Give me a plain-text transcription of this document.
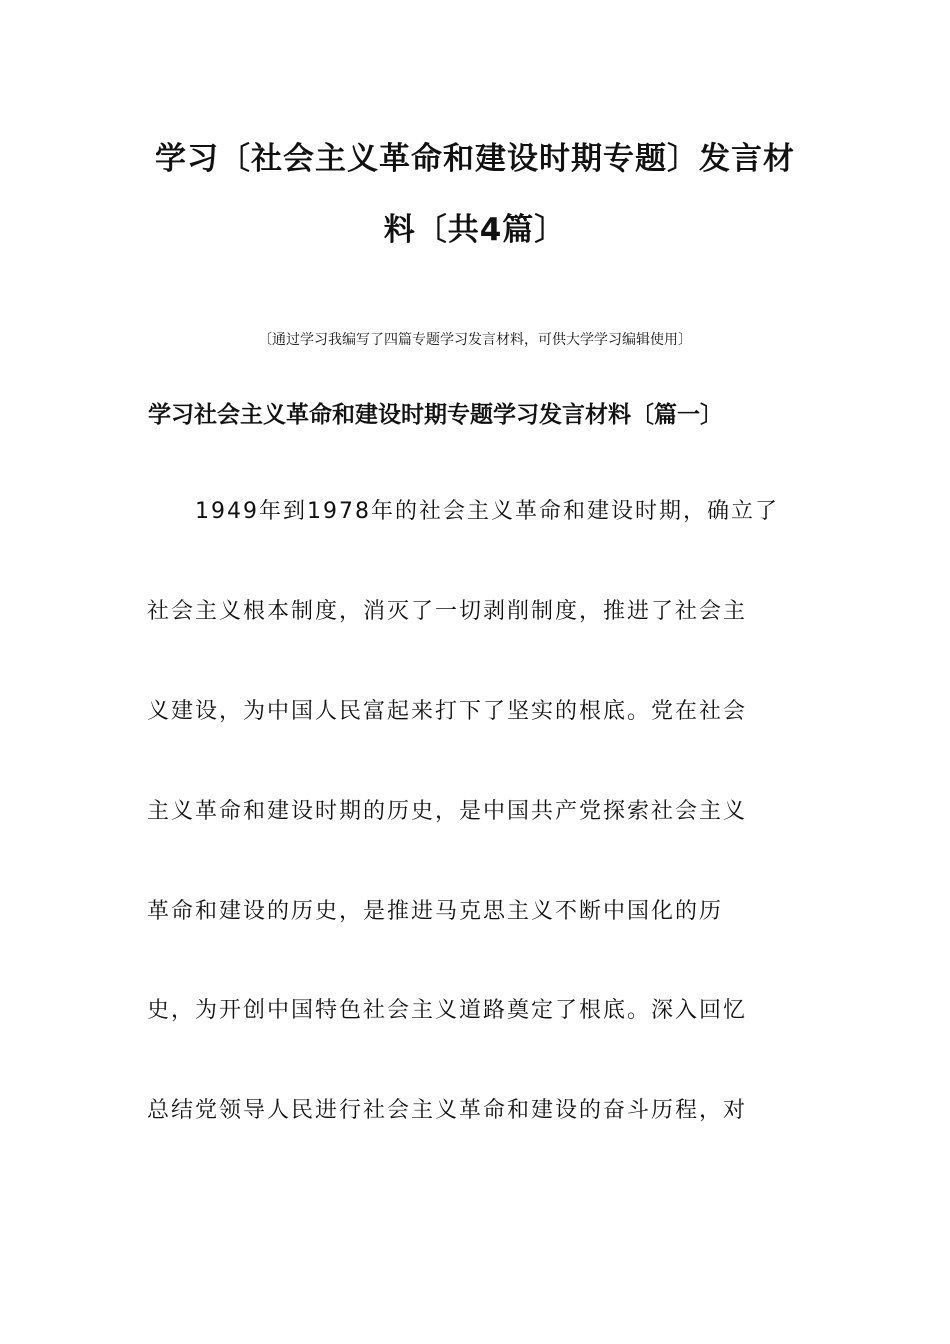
学习〔社会主义革命和建设时期专题〕发言材
料〔共4篇〕
〔通过学习我编写了四篇专题学习发言材料，可供大学学习编辑使用〕
学习社会主义革命和建设时期专题学习发言材料〔篇一〕
1949年到1978年的社会主义革命和建设时期，确立了
社会主义根本制度，消灭了一切剥削制度，推进了社会主
义建设，为中国人民富起来打下了坚实的根底。党在社会
主义革命和建设时期的历史，是中国共产党探索社会主义
革命和建设的历史，是推进马克思主义不断中国化的历
史，为开创中国特色社会主义道路奠定了根底。深入回忆
总结党领导人民进行社会主义革命和建设的奋斗历程，对
